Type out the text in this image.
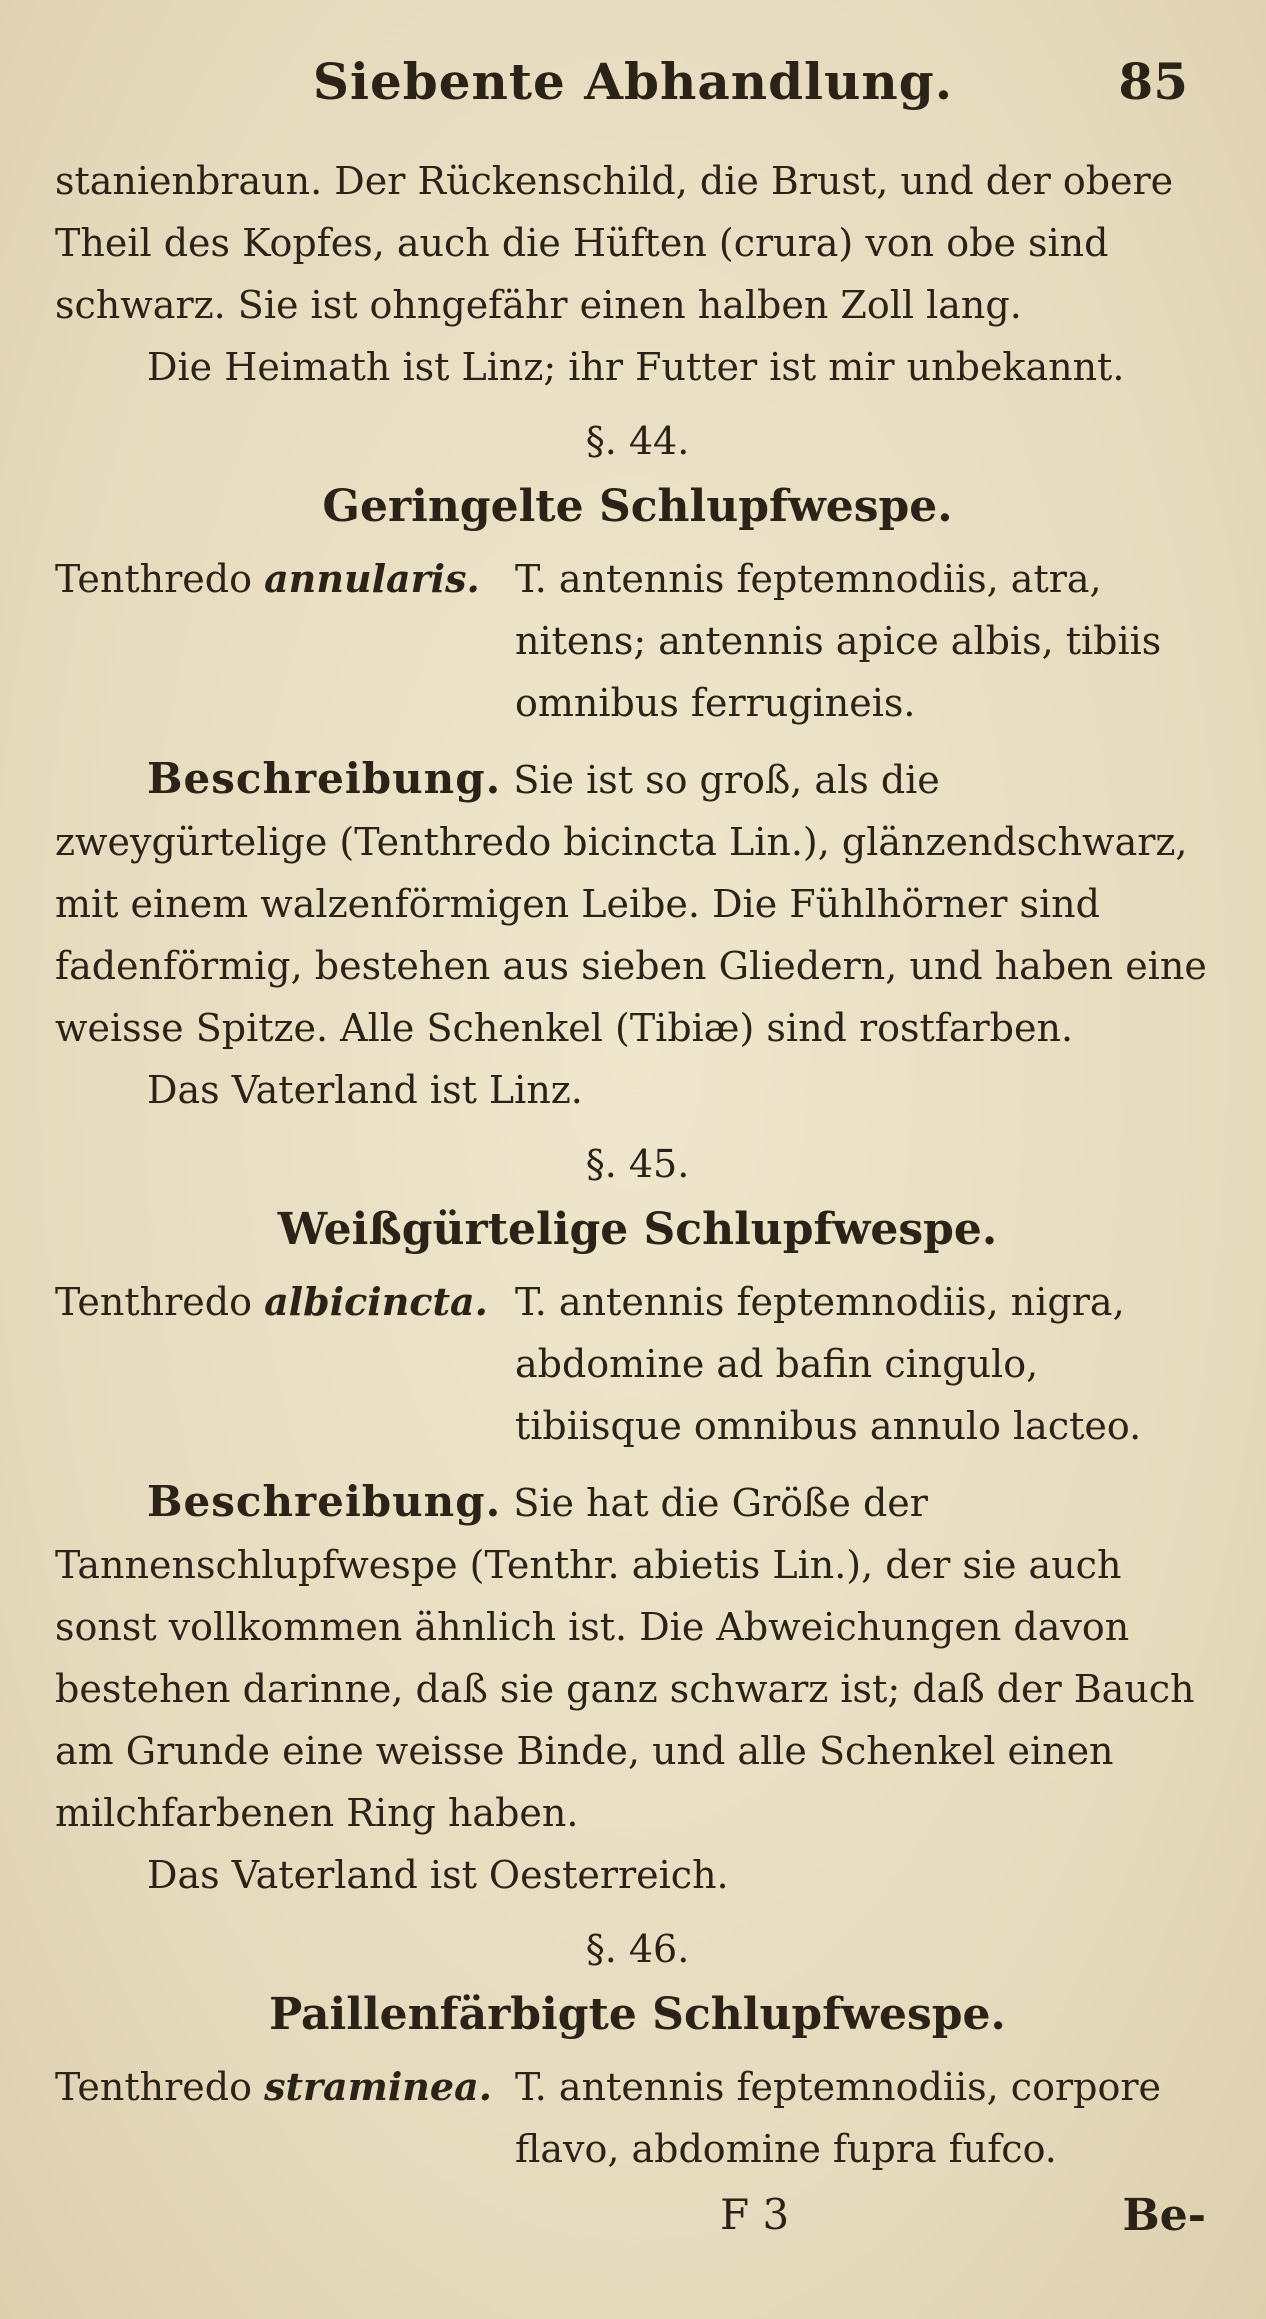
Siebente Abhandlung.	85

stanienbraun. Der Rückenschild, die Brust, und der obere Theil des Kopfes, auch die Hüften (crura) von obe sind schwarz. Sie ist ohngefähr einen halben Zoll lang.

Die Heimath ist Linz; ihr Futter ist mir unbekannt.

§. 44.
Geringelte Schlupfwespe.
Tenthredo annularis. T. antennis feptemnodiis, atra, nitens; antennis apice albis, tibiis omnibus ferrugineis.

Beschreibung. Sie ist so groß, als die zweygürtelige (Tenthredo bicincta Lin.), glänzendschwarz, mit einem walzenförmigen Leibe. Die Fühlhörner sind fadenförmig, bestehen aus sieben Gliedern, und haben eine weisse Spitze. Alle Schenkel (Tibiæ) sind rostfarben.

Das Vaterland ist Linz.

§. 45.
Weißgürtelige Schlupfwespe.
Tenthredo albicincta. T. antennis feptemnodiis, nigra, abdomine ad bafin cingulo, tibiisque omnibus annulo lacteo.

Beschreibung. Sie hat die Größe der Tannenschlupfwespe (Tenthr. abietis Lin.), der sie auch sonst vollkommen ähnlich ist. Die Abweichungen davon bestehen darinne, daß sie ganz schwarz ist; daß der Bauch am Grunde eine weisse Binde, und alle Schenkel einen milchfarbenen Ring haben.

Das Vaterland ist Oesterreich.

§. 46.
Paillenfärbigte Schlupfwespe.
Tenthredo straminea. T. antennis feptemnodiis, corpore flavo, abdomine fupra fufco.
F 3	Be-
